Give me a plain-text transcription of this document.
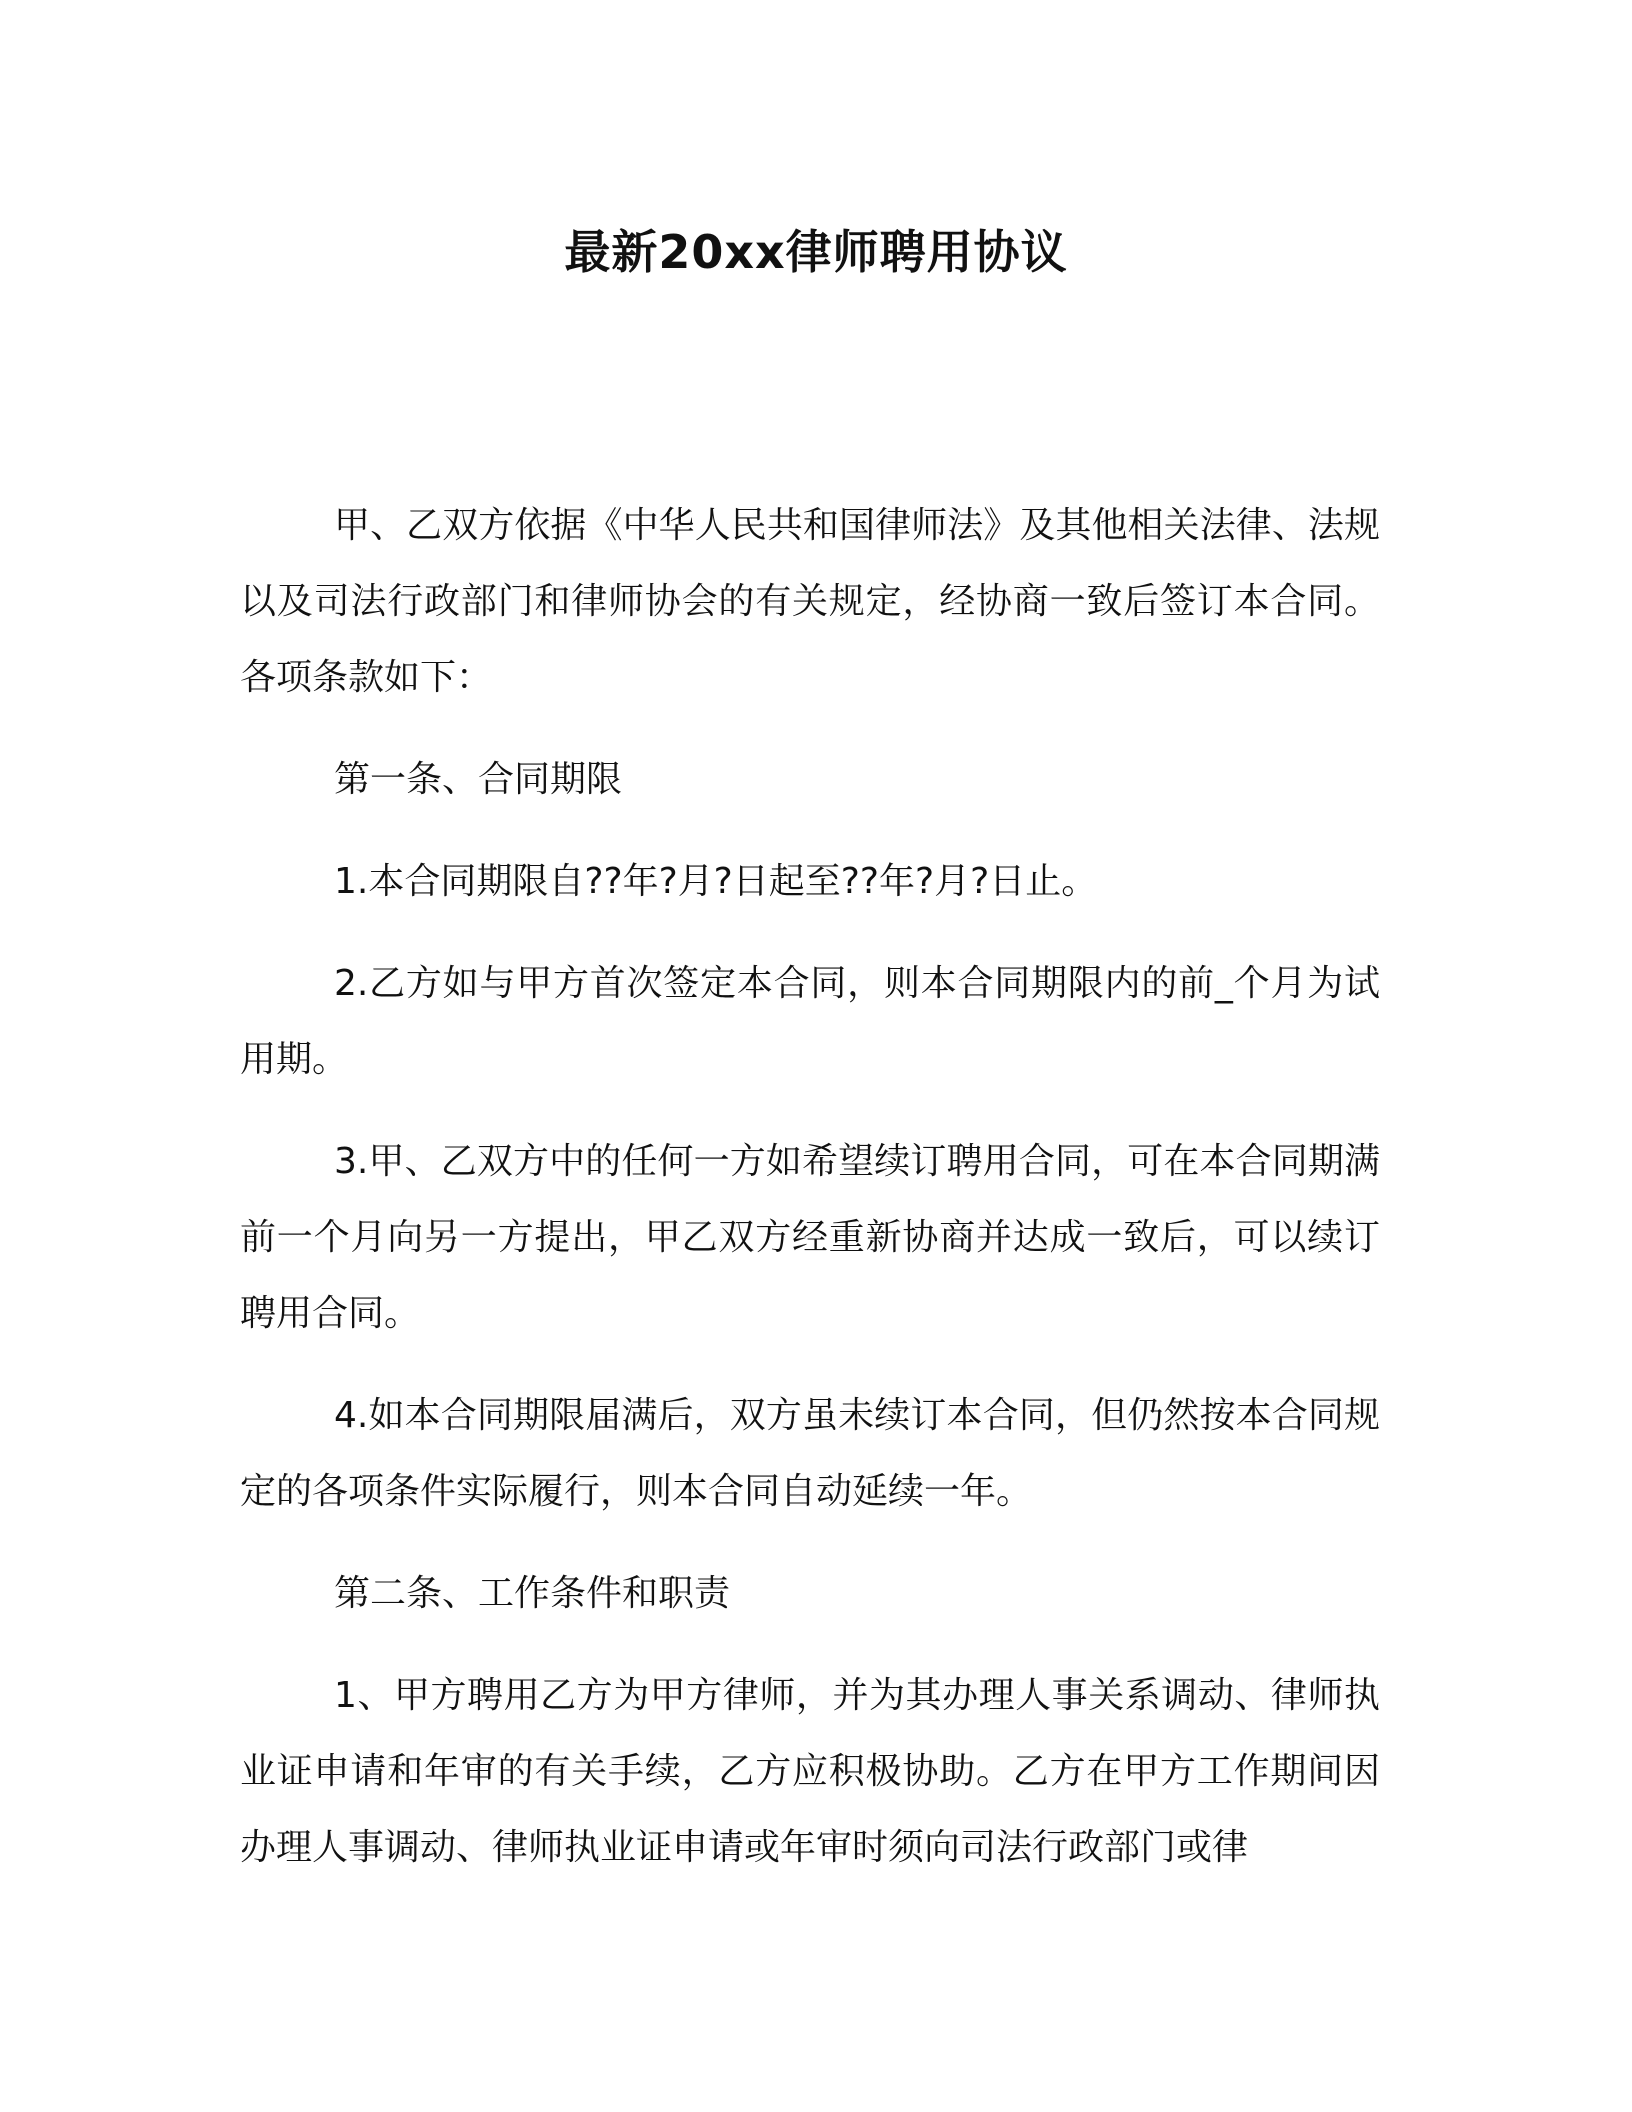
最新20xx律师聘用协议

甲、乙双方依据《中华人民共和国律师法》及其他相关法律、法规以及司法行政部门和律师协会的有关规定，经协商一致后签订本合同。各项条款如下：

第一条、合同期限

1.本合同期限自??年?月?日起至??年?月?日止。

2.乙方如与甲方首次签定本合同，则本合同期限内的前_个月为试用期。

3.甲、乙双方中的任何一方如希望续订聘用合同，可在本合同期满前一个月向另一方提出，甲乙双方经重新协商并达成一致后，可以续订聘用合同。

4.如本合同期限届满后，双方虽未续订本合同，但仍然按本合同规定的各项条件实际履行，则本合同自动延续一年。

第二条、工作条件和职责

1、甲方聘用乙方为甲方律师，并为其办理人事关系调动、律师执业证申请和年审的有关手续，乙方应积极协助。乙方在甲方工作期间因办理人事调动、律师执业证申请或年审时须向司法行政部门或律
